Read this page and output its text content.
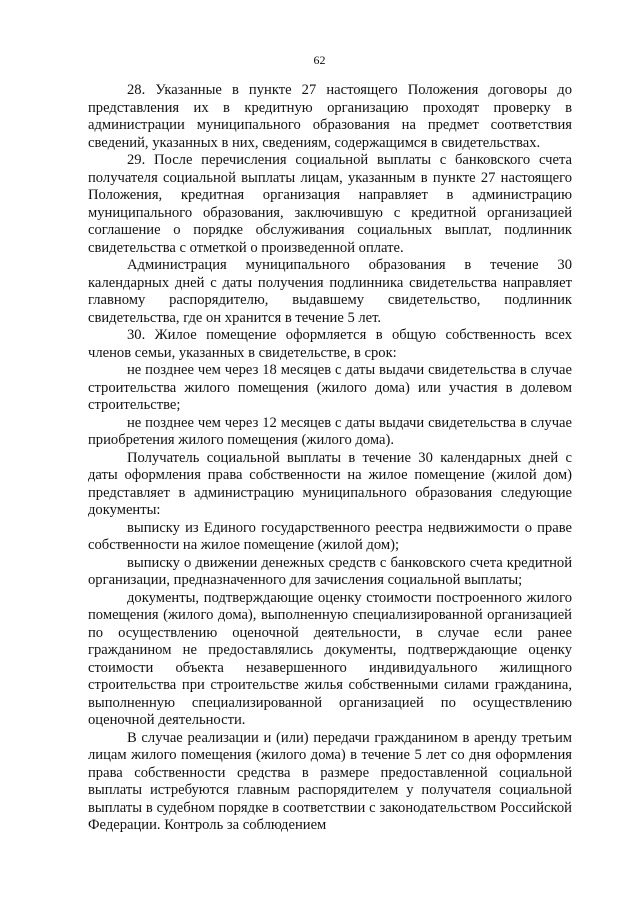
62

28. Указанные в пункте 27 настоящего Положения договоры до представления их в кредитную организацию проходят проверку в администрации муниципального образования на предмет соответствия сведений, указанных в них, сведениям, содержащимся в свидетельствах.

29. После перечисления социальной выплаты с банковского счета получателя социальной выплаты лицам, указанным в пункте 27 настоящего Положения, кредитная организация направляет в администрацию муниципального образования, заключившую с кредитной организацией соглашение о порядке обслуживания социальных выплат, подлинник свидетельства с отметкой о произведенной оплате.

Администрация муниципального образования в течение 30 календарных дней с даты получения подлинника свидетельства направляет главному распорядителю, выдавшему свидетельство, подлинник свидетельства, где он хранится в течение 5 лет.

30. Жилое помещение оформляется в общую собственность всех членов семьи, указанных в свидетельстве, в срок:

не позднее чем через 18 месяцев с даты выдачи свидетельства в случае строительства жилого помещения (жилого дома) или участия в долевом строительстве;

не позднее чем через 12 месяцев с даты выдачи свидетельства в случае приобретения жилого помещения (жилого дома).

Получатель социальной выплаты в течение 30 календарных дней с даты оформления права собственности на жилое помещение (жилой дом) представляет в администрацию муниципального образования следующие документы:

выписку из Единого государственного реестра недвижимости о праве собственности на жилое помещение (жилой дом);

выписку о движении денежных средств с банковского счета кредитной организации, предназначенного для зачисления социальной выплаты;

документы, подтверждающие оценку стоимости построенного жилого помещения (жилого дома), выполненную специализированной организацией по осуществлению оценочной деятельности, в случае если ранее гражданином не предоставлялись документы, подтверждающие оценку стоимости объекта незавершенного индивидуального жилищного строительства при строительстве жилья собственными силами гражданина, выполненную специализированной организацией по осуществлению оценочной деятельности.

В случае реализации и (или) передачи гражданином в аренду третьим лицам жилого помещения (жилого дома) в течение 5 лет со дня оформления права собственности средства в размере предоставленной социальной выплаты истребуются главным распорядителем у получателя социальной выплаты в судебном порядке в соответствии с законодательством Российской Федерации. Контроль за соблюдением
